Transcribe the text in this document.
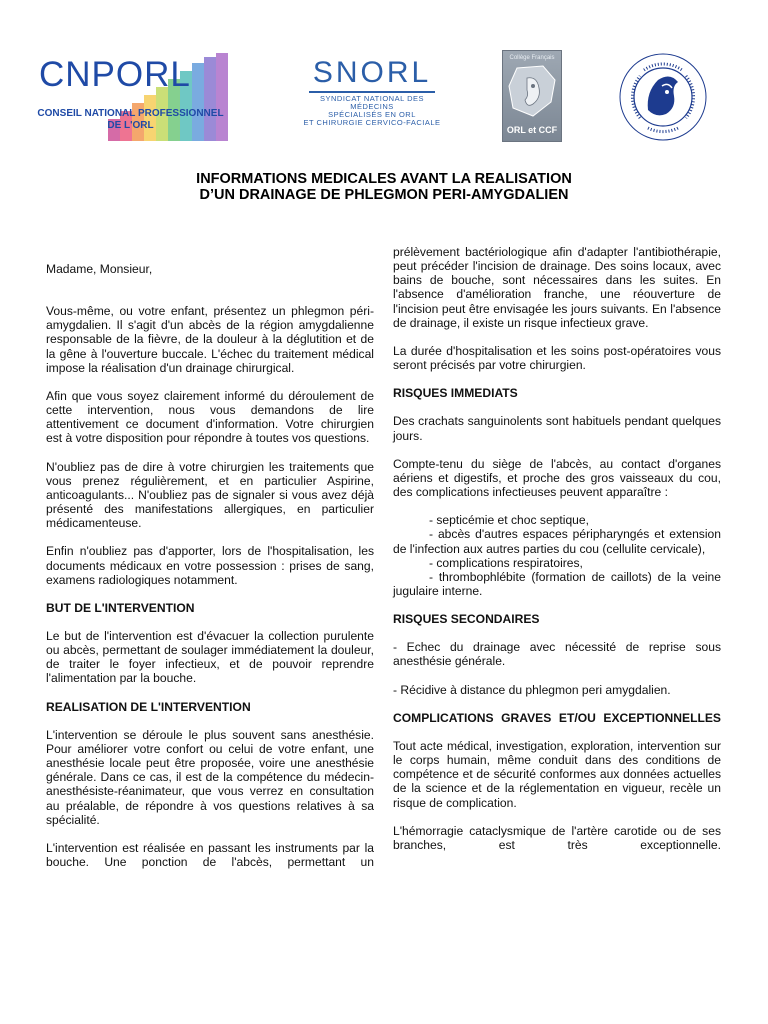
CNPORL
CONSEIL NATIONAL PROFESSIONNEL
DE L'ORL
SNORL
SYNDICAT NATIONAL DES MÉDECINS
SPÉCIALISÉS EN ORL
ET CHIRURGIE CERVICO-FACIALE
Collège Français
ORL et CCF
INFORMATIONS MEDICALES AVANT LA REALISATION
D’UN DRAINAGE DE PHLEGMON PERI-AMYGDALIEN

Madame, Monsieur,

Vous-même, ou votre enfant, présentez un phlegmon péri-amygdalien. Il s'agit d'un abcès de la région amygdalienne responsable de la fièvre, de la douleur à la déglutition et de la gêne à l'ouverture buccale. L'échec du traitement médical impose la réalisation d'un drainage chirurgical.

Afin que vous soyez clairement informé du déroulement de cette intervention, nous vous demandons de lire attentivement ce document d'information. Votre chirurgien est à votre disposition pour répondre à toutes vos questions.

N'oubliez pas de dire à votre chirurgien les traitements que vous prenez régulièrement, et en particulier Aspirine, anticoagulants... N'oubliez pas de signaler si vous avez déjà présenté des manifestations allergiques, en particulier médicamenteuse.

Enfin n'oubliez pas d'apporter, lors de l'hospitalisation, les documents médicaux en votre possession : prises de sang, examens radiologiques notamment.

BUT DE L'INTERVENTION

Le but de l'intervention est d'évacuer la collection purulente ou abcès, permettant de soulager immédiatement la douleur, de traiter le foyer infectieux, et de pouvoir reprendre l'alimentation par la bouche.

REALISATION DE L'INTERVENTION

L'intervention se déroule le plus souvent sans anesthésie. Pour améliorer votre confort ou celui de votre enfant, une anesthésie locale peut être proposée, voire une anesthésie générale. Dans ce cas, il est de la compétence du médecin-anesthésiste-réanimateur, que vous verrez en consultation au préalable, de répondre à vos questions relatives à sa spécialité.

L'intervention est réalisée en passant les instruments par la bouche. Une ponction de l'abcès, permettant un

prélèvement bactériologique afin d'adapter l'antibiothérapie, peut précéder l'incision de drainage. Des soins locaux, avec bains de bouche, sont nécessaires dans les suites. En l'absence d'amélioration franche, une réouverture de l'incision peut être envisagée les jours suivants. En l'absence de drainage, il existe un risque infectieux grave.

La durée d'hospitalisation et les soins post-opératoires vous seront précisés par votre chirurgien.

RISQUES IMMEDIATS

Des crachats sanguinolents sont habituels pendant quelques jours.

Compte-tenu du siège de l'abcès, au contact d'organes aériens et digestifs, et proche des gros vaisseaux du cou, des complications infectieuses peuvent apparaître :

- septicémie et choc septique,
- abcès d'autres espaces péripharyngés et extension de l'infection aux autres parties du cou (cellulite cervicale),
- complications respiratoires,
- thrombophlébite (formation de caillots) de la veine jugulaire interne.
RISQUES SECONDAIRES

- Echec du drainage avec nécessité de reprise sous anesthésie générale.

- Récidive à distance du phlegmon peri amygdalien.

COMPLICATIONS GRAVES ET/OU EXCEPTIONNELLES

Tout acte médical, investigation, exploration, intervention sur le corps humain, même conduit dans des conditions de compétence et de sécurité conformes aux données actuelles de la science et de la réglementation en vigueur, recèle un risque de complication.

L'hémorragie cataclysmique de l'artère carotide ou de ses branches, est très exceptionnelle.
